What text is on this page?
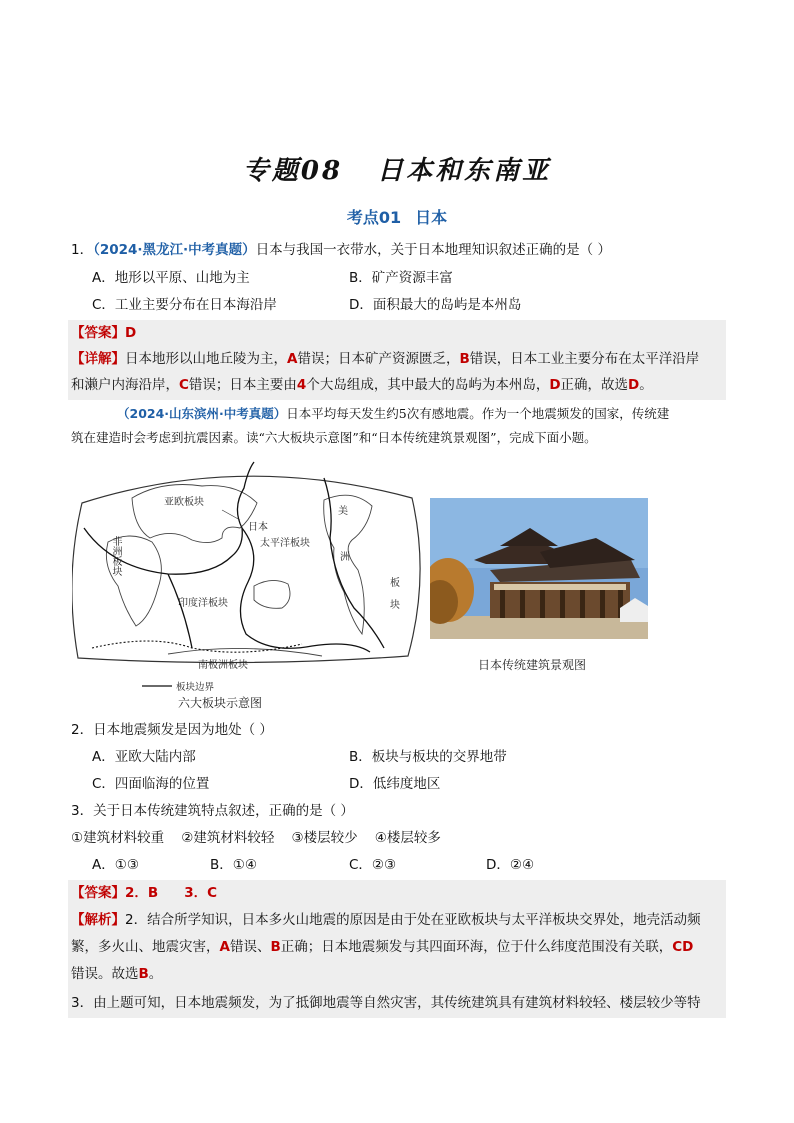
专题08 日本和东南亚
考点01 日本
1．（2024·黑龙江·中考真题）日本与我国一衣带水，关于日本地理知识叙述正确的是（ ）
A．地形以平原、山地为主	B．矿产资源丰富
C．工业主要分布在日本海沿岸	D．面积最大的岛屿是本州岛
【答案】D
【详解】日本地形以山地丘陵为主，A错误；日本矿产资源匮乏，B错误，日本工业主要分布在太平洋沿岸
和濑户内海沿岸，C错误；日本主要由4个大岛组成，其中最大的岛屿为本州岛，D正确，故选D。
（2024·山东滨州·中考真题）日本平均每天发生约5次有感地震。作为一个地震频发的国家，传统建
筑在建造时会考虑到抗震因素。读“六大板块示意图”和“日本传统建筑景观图”，完成下面小题。
亚欧板块
日本
美
洲
非洲板块	太平洋板块
印度洋板块
板
块
南极洲板块
板块边界
六大板块示意图
日本传统建筑景观图
2．日本地震频发是因为地处（ ）
A．亚欧大陆内部	B．板块与板块的交界地带
C．四面临海的位置	D．低纬度地区
3．关于日本传统建筑特点叙述，正确的是（ ）
①建筑材料较重    ②建筑材料较轻    ③楼层较少    ④楼层较多
A．①③	B．①④	C．②③	D．②④
【答案】2．B 3．C
【解析】2．结合所学知识，日本多火山地震的原因是由于处在亚欧板块与太平洋板块交界处，地壳活动频
繁，多火山、地震灾害，A错误、B正确；日本地震频发与其四面环海，位于什么纬度范围没有关联，CD
错误。故选B。
3．由上题可知，日本地震频发，为了抵御地震等自然灾害，其传统建筑具有建筑材料较轻、楼层较少等特
